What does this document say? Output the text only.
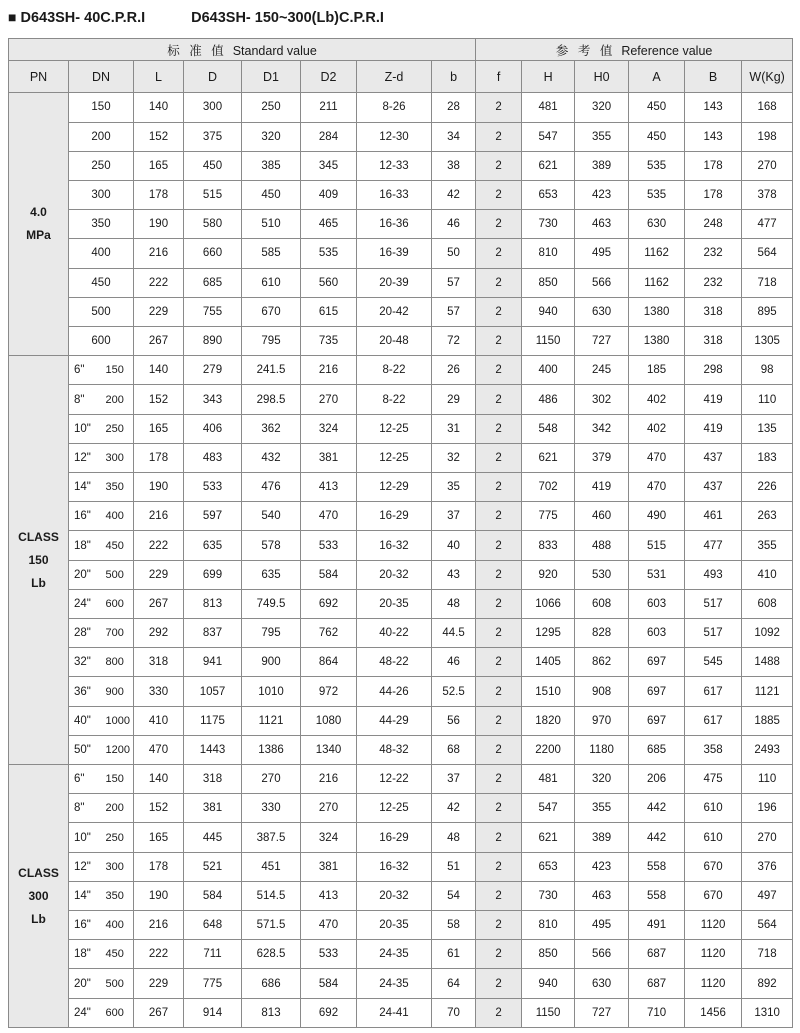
■ D643SH- 40C.P.R.I	D643SH- 150~300(Lb)C.P.R.I
标 准 值 Standard value									参 考 值 Reference value					
PN	DN		L	D	D1	D2	Z-d	b	f	H	H0	A	B	W(Kg)
4.0
MPa	150		140	300	250	211	8-26	28	2	481	320	450	143	168
	200		152	375	320	284	12-30	34	2	547	355	450	143	198
	250		165	450	385	345	12-33	38	2	621	389	535	178	270
	300		178	515	450	409	16-33	42	2	653	423	535	178	378
	350		190	580	510	465	16-36	46	2	730	463	630	248	477
	400		216	660	585	535	16-39	50	2	810	495	1162	232	564
	450		222	685	610	560	20-39	57	2	850	566	1162	232	718
	500		229	755	670	615	20-42	57	2	940	630	1380	318	895
	600		267	890	795	735	20-48	72	2	1150	727	1380	318	1305
CLASS
150
Lb	6"	150	140	279	241.5	216	8-22	26	2	400	245	185	298	98
	8"	200	152	343	298.5	270	8-22	29	2	486	302	402	419	110
	10"	250	165	406	362	324	12-25	31	2	548	342	402	419	135
	12"	300	178	483	432	381	12-25	32	2	621	379	470	437	183
	14"	350	190	533	476	413	12-29	35	2	702	419	470	437	226
	16"	400	216	597	540	470	16-29	37	2	775	460	490	461	263
	18"	450	222	635	578	533	16-32	40	2	833	488	515	477	355
	20"	500	229	699	635	584	20-32	43	2	920	530	531	493	410
	24"	600	267	813	749.5	692	20-35	48	2	1066	608	603	517	608
	28"	700	292	837	795	762	40-22	44.5	2	1295	828	603	517	1092
	32"	800	318	941	900	864	48-22	46	2	1405	862	697	545	1488
	36"	900	330	1057	1010	972	44-26	52.5	2	1510	908	697	617	1121
	40"	1000	410	1175	1121	1080	44-29	56	2	1820	970	697	617	1885
	50"	1200	470	1443	1386	1340	48-32	68	2	2200	1180	685	358	2493
CLASS
300
Lb	6"	150	140	318	270	216	12-22	37	2	481	320	206	475	110
	8"	200	152	381	330	270	12-25	42	2	547	355	442	610	196
	10"	250	165	445	387.5	324	16-29	48	2	621	389	442	610	270
	12"	300	178	521	451	381	16-32	51	2	653	423	558	670	376
	14"	350	190	584	514.5	413	20-32	54	2	730	463	558	670	497
	16"	400	216	648	571.5	470	20-35	58	2	810	495	491	1120	564
	18"	450	222	711	628.5	533	24-35	61	2	850	566	687	1120	718
	20"	500	229	775	686	584	24-35	64	2	940	630	687	1120	892
	24"	600	267	914	813	692	24-41	70	2	1150	727	710	1456	1310
